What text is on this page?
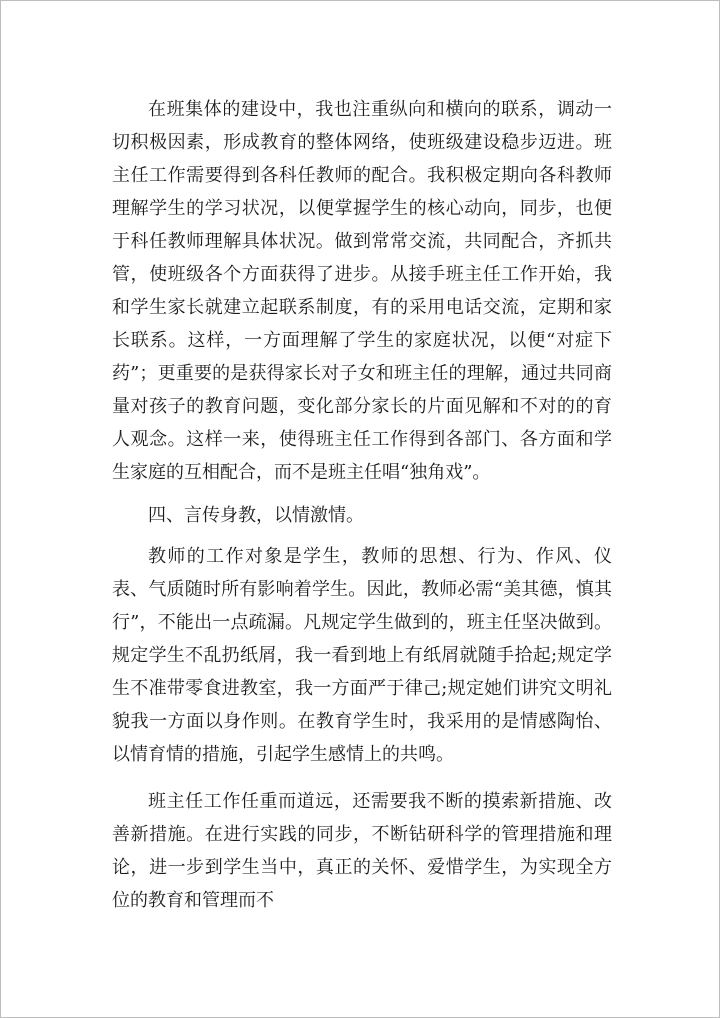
在班集体的建设中，我也注重纵向和横向的联系，调动一切积极因素，形成教育的整体网络，使班级建设稳步迈进。班主任工作需要得到各科任教师的配合。我积极定期向各科教师理解学生的学习状况，以便掌握学生的核心动向，同步，也便于科任教师理解具体状况。做到常常交流，共同配合，齐抓共管，使班级各个方面获得了进步。从接手班主任工作开始，我和学生家长就建立起联系制度，有的采用电话交流，定期和家长联系。这样，一方面理解了学生的家庭状况，以便“对症下药”；更重要的是获得家长对子女和班主任的理解，通过共同商量对孩子的教育问题，变化部分家长的片面见解和不对的的育人观念。这样一来，使得班主任工作得到各部门、各方面和学生家庭的互相配合，而不是班主任唱“独角戏”。

四、言传身教，以情激情。

教师的工作对象是学生，教师的思想、行为、作风、仪表、气质随时所有影响着学生。因此，教师必需“美其德，慎其行”，不能出一点疏漏。凡规定学生做到的，班主任坚决做到。规定学生不乱扔纸屑，我一看到地上有纸屑就随手拾起;规定学生不准带零食进教室，我一方面严于律己;规定她们讲究文明礼貌我一方面以身作则。在教育学生时，我采用的是情感陶怡、以情育情的措施，引起学生感情上的共鸣。

班主任工作任重而道远，还需要我不断的摸索新措施、改善新措施。在进行实践的同步，不断钻研科学的管理措施和理论，进一步到学生当中，真正的关怀、爱惜学生，为实现全方位的教育和管理而不
